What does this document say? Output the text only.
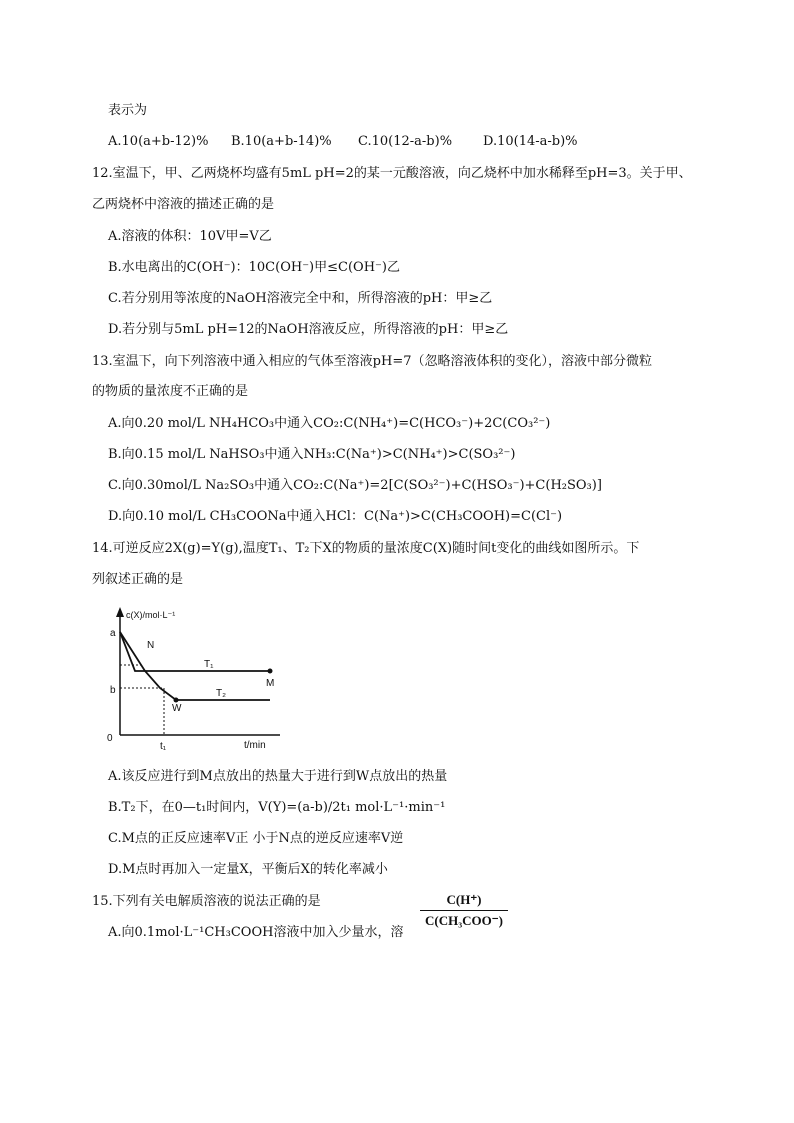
表示为
A.10(a+b-12)% B.10(a+b-14)% C.10(12-a-b)% D.10(14-a-b)%
12.室温下，甲、乙两烧杯均盛有5mL pH=2的某一元酸溶液，向乙烧杯中加水稀释至pH=3。关于甲、
乙两烧杯中溶液的描述正确的是
A.溶液的体积：10V甲=V乙
B.水电离出的C(OH⁻)：10C(OH⁻)甲≤C(OH⁻)乙
C.若分别用等浓度的NaOH溶液完全中和，所得溶液的pH：甲≥乙
D.若分别与5mL pH=12的NaOH溶液反应，所得溶液的pH：甲≥乙
13.室温下，向下列溶液中通入相应的气体至溶液pH=7（忽略溶液体积的变化），溶液中部分微粒
的物质的量浓度不正确的是
A.向0.20 mol/L NH₄HCO₃中通入CO₂:C(NH₄⁺)=C(HCO₃⁻)+2C(CO₃²⁻)
B.向0.15 mol/L NaHSO₃中通入NH₃:C(Na⁺)>C(NH₄⁺)>C(SO₃²⁻)
C.向0.30mol/L Na₂SO₃中通入CO₂:C(Na⁺)=2[C(SO₃²⁻)+C(HSO₃⁻)+C(H₂SO₃)]
D.向0.10 mol/L CH₃COONa中通入HCl：C(Na⁺)>C(CH₃COOH)=C(Cl⁻)
14.可逆反应2X(g)=Y(g),温度T₁、T₂下X的物质的量浓度C(X)随时间t变化的曲线如图所示。下
列叙述正确的是
c(X)/mol·L⁻¹
t/min
0
a
b
t₁
N
M
W
T₁
T₂
A.该反应进行到M点放出的热量大于进行到W点放出的热量
B.T₂下，在0—t₁时间内，V(Y)=(a-b)/2t₁ mol·L⁻¹·min⁻¹
C.M点的正反应速率V正 小于N点的逆反应速率V逆
D.M点时再加入一定量X，平衡后X的转化率减小
15.下列有关电解质溶液的说法正确的是
A.向0.1mol·L⁻¹CH₃COOH溶液中加入少量水，溶
C(H⁺)
C(CH₃COO⁻)
